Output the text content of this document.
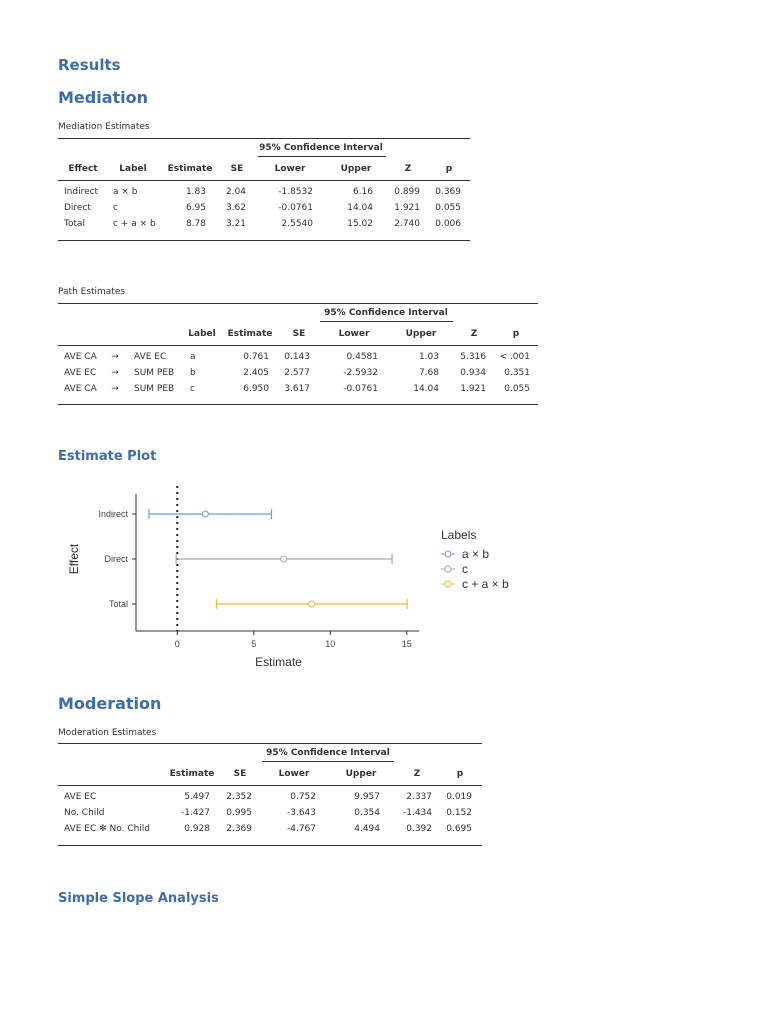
Results
Mediation
Mediation Estimates
95% Confidence Interval
Effect	Label	Estimate	SE	Lower	Upper	Z	p
Indirect a × b	1.83	2.04	-1.8532	6.16	0.899	0.369
Direct c	6.95	3.62	-0.0761	14.04	1.921	0.055
Total	c + a × b	8.78	3.21	2.5540	15.02	2.740	0.006
Path Estimates
95% Confidence Interval
Label	Estimate	SE	Lower	Upper	Z	p
AVE CA	→	AVE EC	a	0.761	0.143	0.4581	1.03	5.316	< .001
AVE EC	→	SUM PEB b	2.405	2.577	-2.5932	7.68	0.934	0.351
AVE CA	→	SUM PEB c	6.950	3.617	-0.0761	14.04	1.921	0.055
Estimate Plot
Effect
Estimate
Labels
0	5	10	15
Indirect
Direct
Total
a × b
c
c + a × b
Moderation
Moderation Estimates
95% Confidence Interval
Estimate	SE	Lower	Upper	Z	p
AVE EC	5.497	2.352	0.752	9.957	2.337	0.019
No. Child	-1.427	0.995	-3.643	0.354	-1.434	0.152
AVE EC ✻ No. Child	0.928	2.369	-4.767	4.494	0.392	0.695
Simple Slope Analysis
